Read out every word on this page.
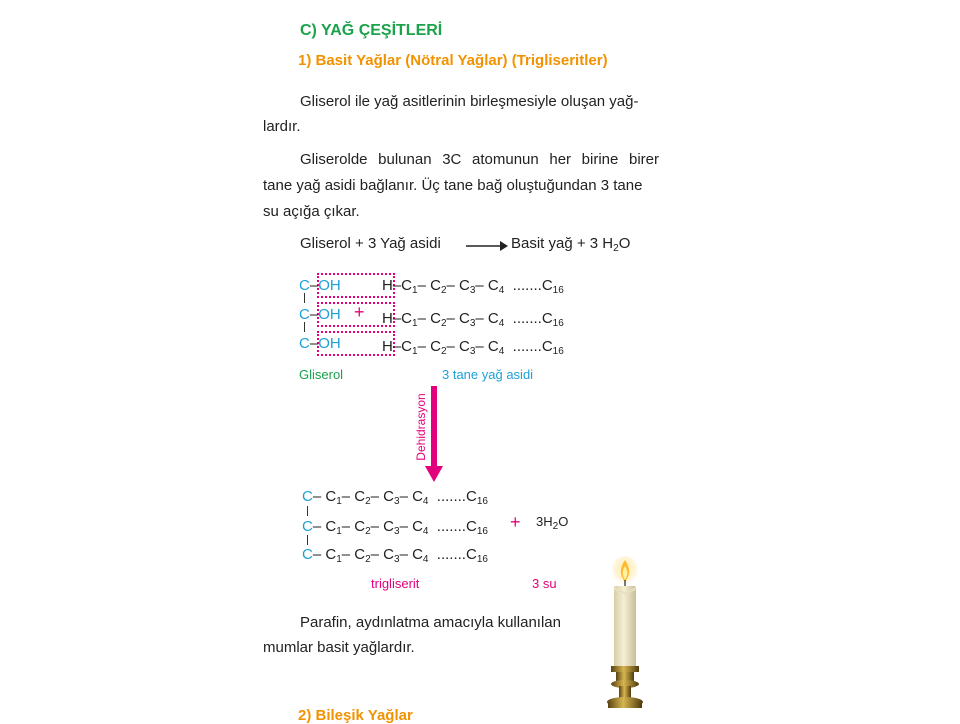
C) YAĞ ÇEŞİTLERİ
1) Basit Yağlar (Nötral Yağlar) (Trigliseritler)
Gliserol ile yağ asitlerinin birleşmesiyle oluşan yağ-
lardır.
Gliserolde bulunan 3C atomunun her birine birer
tane yağ asidi bağlanır. Üç tane bağ oluştuğundan 3 tane
su açığa çıkar.
Gliserol + 3 Yağ asidi	Basit yağ + 3 $H_2O$
C–OH	$H-C_1-$ $C_2-$ $C_3-$ $C_4$ $.......C_{16}$
$C-OH + H-C_1-$ $C_2-$ $C_3-$ $C_4$ $.......C_{16}$
C–OH	$H-C_1-$ $C_2-$ $C_3-$ $C_4$ $.......C_{16}$
Gliserol	3 tane yağ asidi
Dehidrasyon
C– $C_1-$ $C_2-$ $C_3-$ $C_4$  $.......C_{16}$
C– $C_1-$ $C_2-$ $C_3-$ $C_4$  $.......C_{16}$
C– $C_1-$ $C_2-$ $C_3-$ $C_4$  $.......C_{16}$
+ $3H_2O$
trigliserit	3 su
Parafin, aydınlatma amacıyla kullanılan
mumlar basit yağlardır.
2) Bileşik Yağlar
